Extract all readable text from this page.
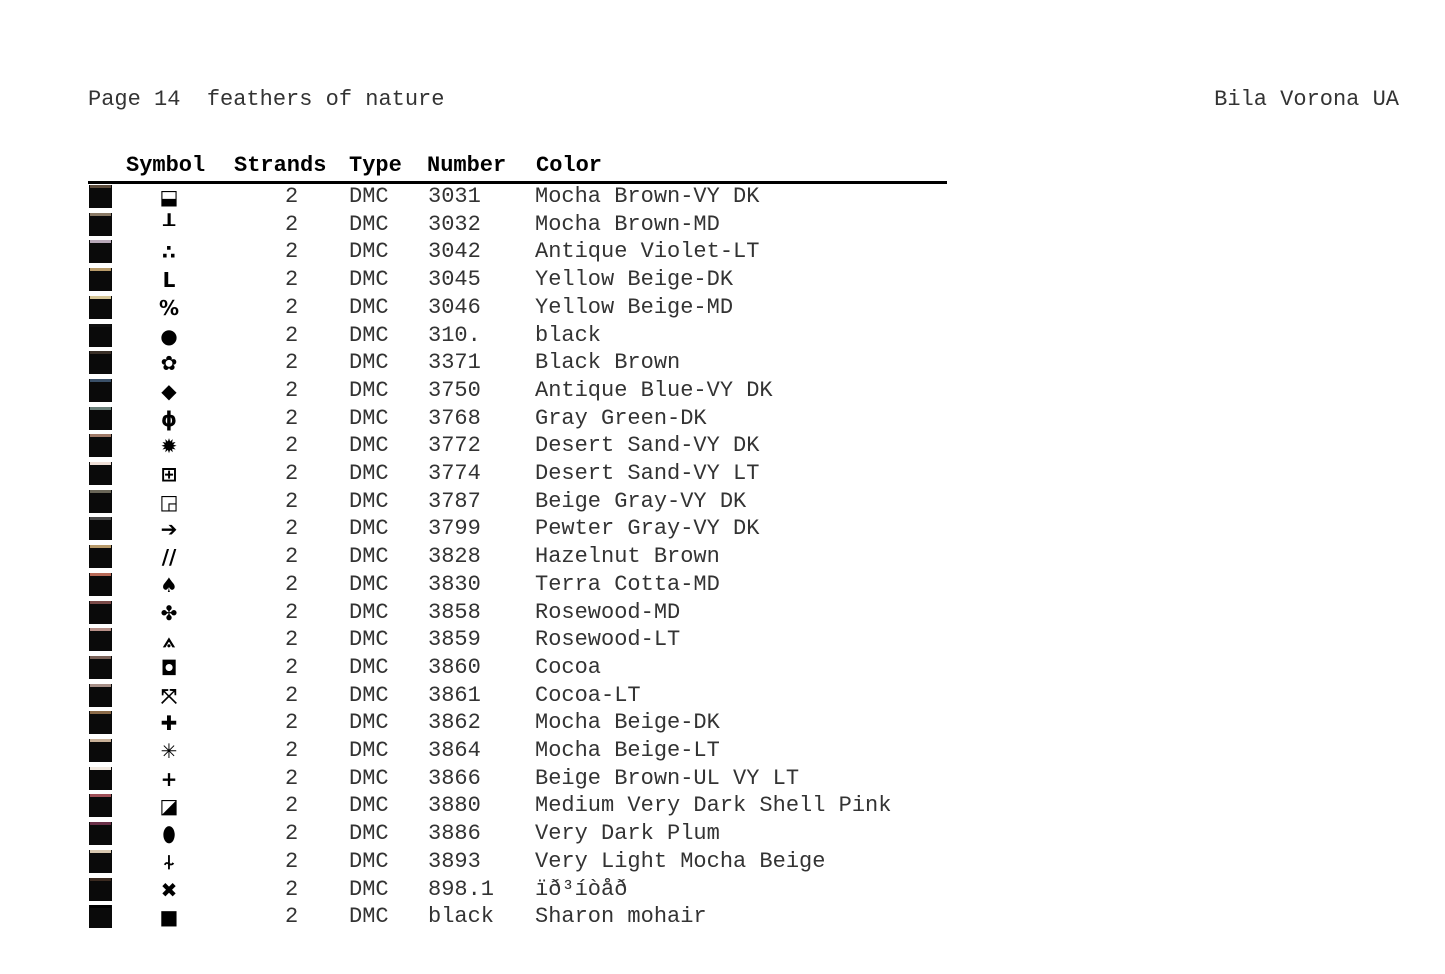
Page 14  feathers of nature	Bila Vorona UA
Symbol Strands Type Number Color
⬓	2 DMC 3031 Mocha Brown-VY DK
┸	2 DMC 3032 Mocha Brown-MD
∴	2 DMC 3042 Antique Violet-LT
L	2 DMC 3045 Yellow Beige-DK
%	2 DMC 3046 Yellow Beige-MD
●	2 DMC 310. black
✿	2 DMC 3371 Black Brown
◆	2 DMC 3750 Antique Blue-VY DK
ɸ	2 DMC 3768 Gray Green-DK
✹	2 DMC 3772 Desert Sand-VY DK
⊞	2 DMC 3774 Desert Sand-VY LT
◲	2 DMC 3787 Beige Gray-VY DK
➔	2 DMC 3799 Pewter Gray-VY DK
//	2 DMC 3828 Hazelnut Brown
♠	2 DMC 3830 Terra Cotta-MD
✤	2 DMC 3858 Rosewood-MD
⟑	2 DMC 3859 Rosewood-LT
◘	2 DMC 3860 Cocoa
⤧	2 DMC 3861 Cocoa-LT
✚	2 DMC 3862 Mocha Beige-DK
✳	2 DMC 3864 Mocha Beige-LT
+	2 DMC 3866 Beige Brown-UL VY LT
◪	2 DMC 3880 Medium Very Dark Shell Pink
⬮	2 DMC 3886 Very Dark Plum
⍭	2 DMC 3893 Very Light Mocha Beige
✖	2 DMC 898.1 ïð³íòåð
■	2 DMC black Sharon mohair
